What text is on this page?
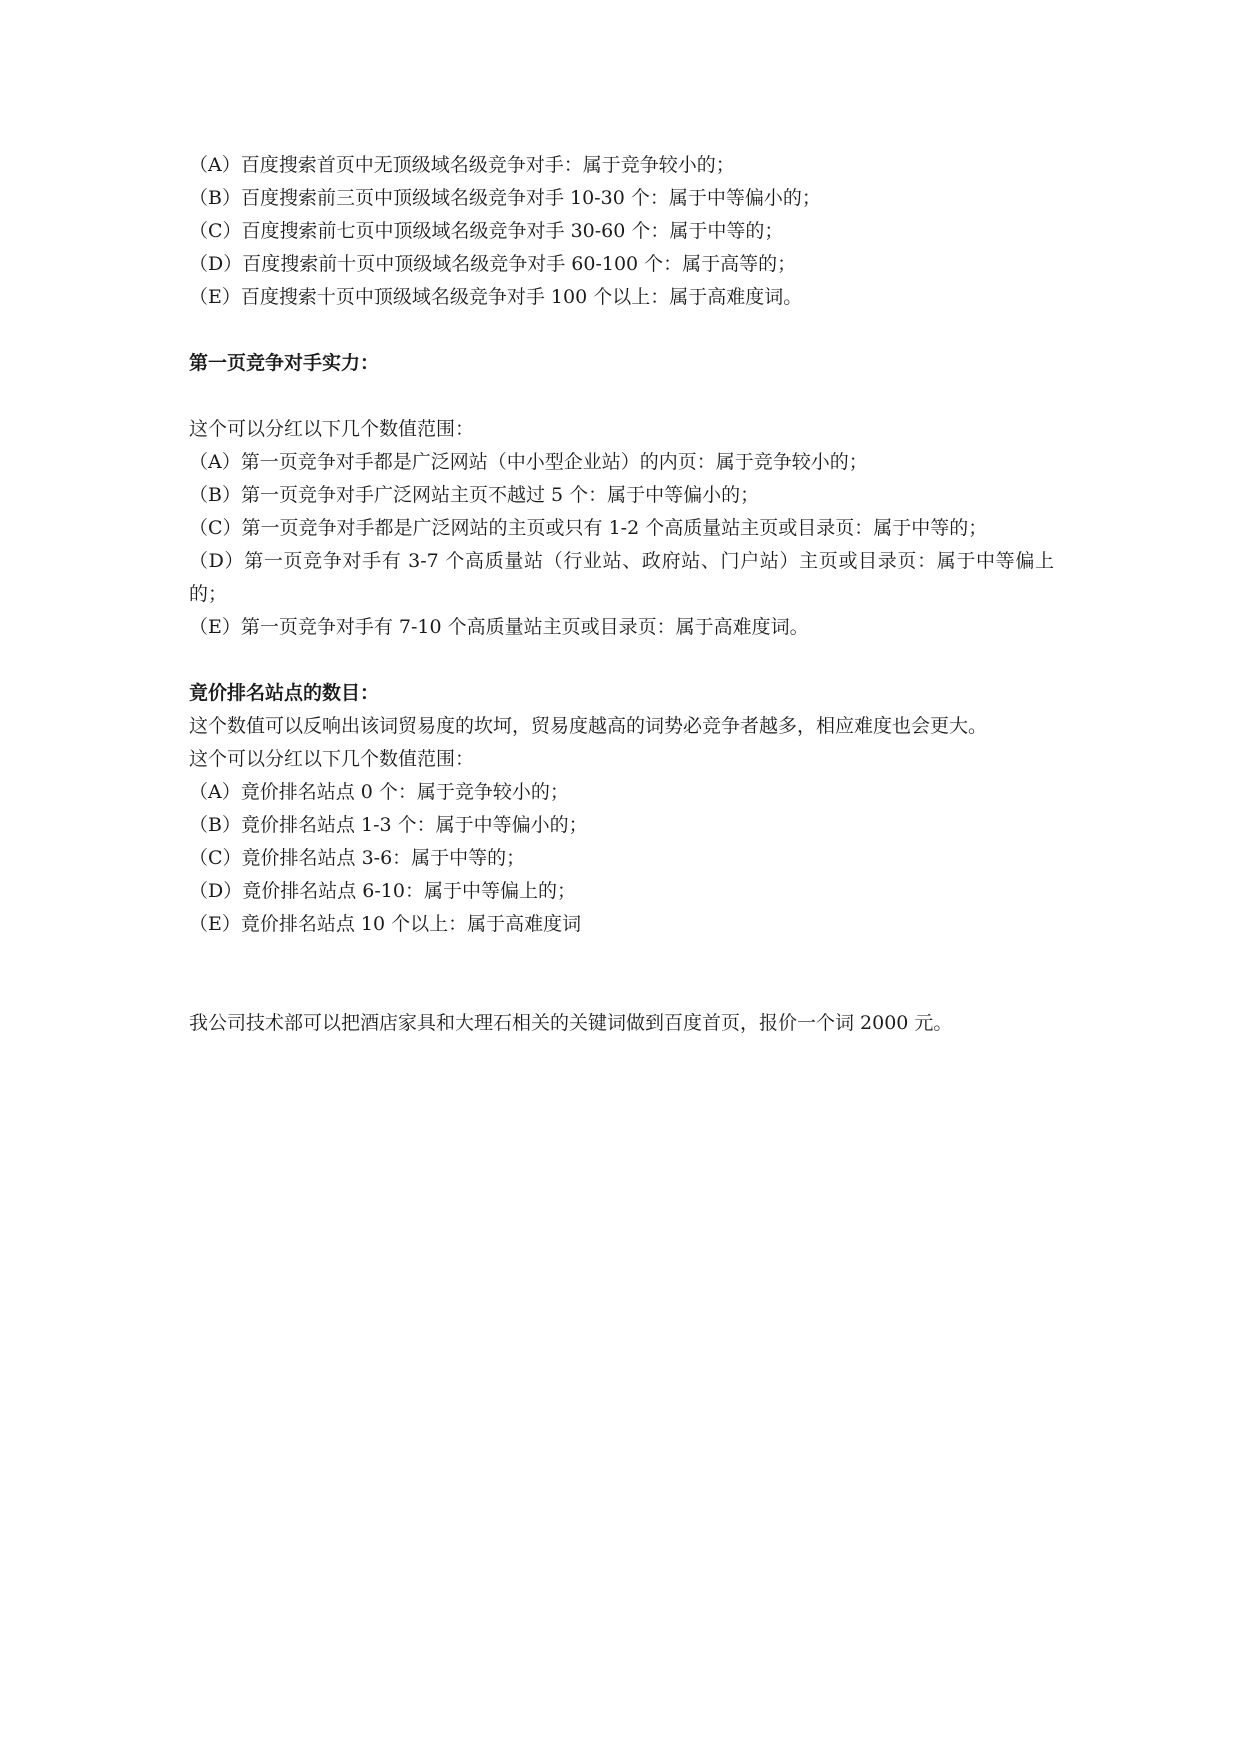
（A）百度搜索首页中无顶级域名级竞争对手：属于竞争较小的；

（B）百度搜索前三页中顶级域名级竞争对手 10-30 个：属于中等偏小的；

（C）百度搜索前七页中顶级域名级竞争对手 30-60 个：属于中等的；

（D）百度搜索前十页中顶级域名级竞争对手 60-100 个：属于高等的；

（E）百度搜索十页中顶级域名级竞争对手 100 个以上：属于高难度词。

第一页竞争对手实力：

这个可以分红以下几个数值范围：

（A）第一页竞争对手都是广泛网站（中小型企业站）的内页：属于竞争较小的；

（B）第一页竞争对手广泛网站主页不越过 5 个：属于中等偏小的；

（C）第一页竞争对手都是广泛网站的主页或只有 1-2 个高质量站主页或目录页：属于中等的；

（D）第一页竞争对手有 3-7 个高质量站（行业站、政府站、门户站）主页或目录页：属于中等偏上的；

（E）第一页竞争对手有 7-10 个高质量站主页或目录页：属于高难度词。

竟价排名站点的数目：

这个数值可以反响出该词贸易度的坎坷，贸易度越高的词势必竞争者越多，相应难度也会更大。

这个可以分红以下几个数值范围：

（A）竟价排名站点 0 个：属于竞争较小的；

（B）竟价排名站点 1-3 个：属于中等偏小的；

（C）竟价排名站点 3-6：属于中等的；

（D）竟价排名站点 6-10：属于中等偏上的；

（E）竟价排名站点 10 个以上：属于高难度词

我公司技术部可以把酒店家具和大理石相关的关键词做到百度首页，报价一个词 2000 元。
